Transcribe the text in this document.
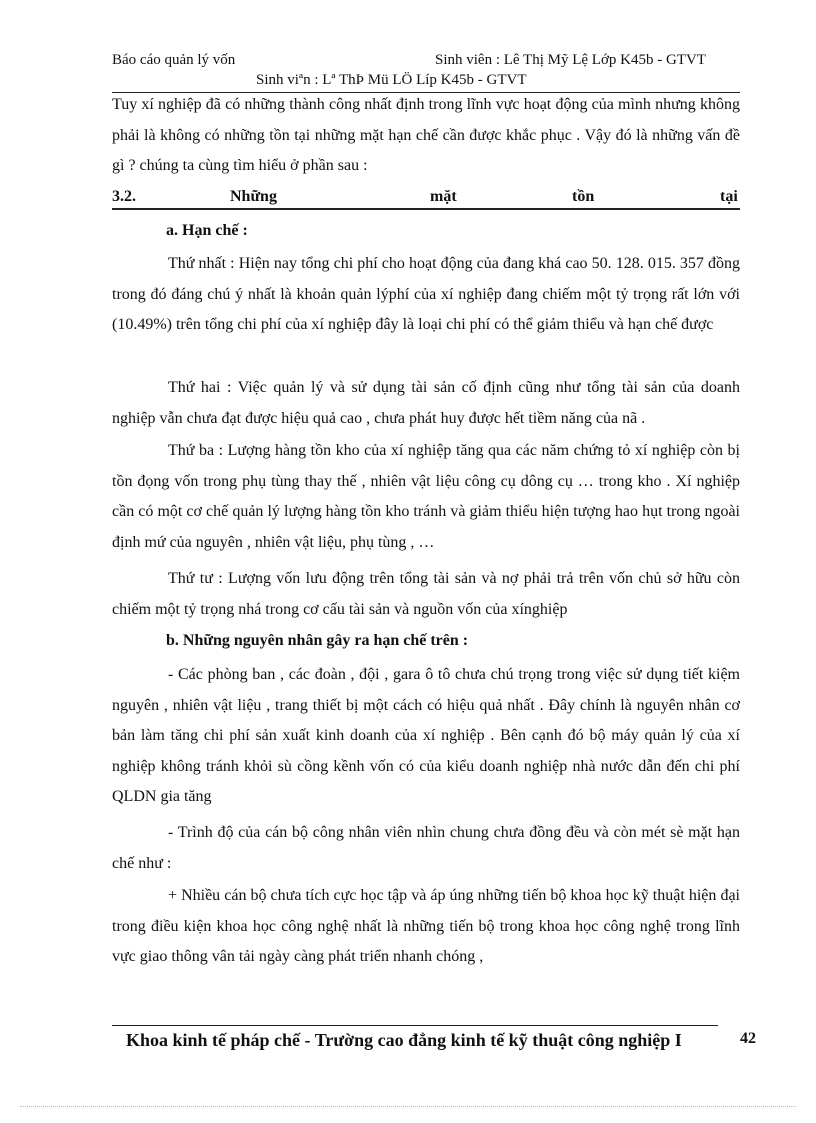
Báo cáo quản lý vốn	Sinh viên : Lê Thị Mỹ Lệ Lớp K45b - GTVT
Sinh viªn : Lª ThÞ Mü LÖ Líp K45b - GTVT
Tuy xí nghiệp đã có những thành công nhất định trong lĩnh vực hoạt động của mình nhưng không phải là không có những tồn tại những mặt hạn chế cần được khắc phục . Vậy đó là những vấn đề gì ? chúng ta cùng tìm hiểu ở phần sau :
3.2.	Những	mặt	tồn	tại
a. Hạn chế :
Thứ nhất : Hiện nay tổng chi phí cho hoạt động của đang khá cao 50. 128. 015. 357 đồng trong đó đáng chú ý nhất là khoản quản lýphí của xí nghiệp đang chiếm một tỷ trọng rất lớn với (10.49%) trên tổng chi phí của xí nghiệp đây là loại chi phí có thể giảm thiểu và hạn chế được
Thứ hai : Việc quản lý và sử dụng tài sản cố định cũng như tổng tài sản của doanh nghiệp vẫn chưa đạt được hiệu quả cao , chưa phát huy được hết tiềm năng của nã .
Thứ ba : Lượng hàng tồn kho của xí nghiệp tăng qua các năm chứng tỏ xí nghiệp còn bị tồn đọng vốn trong phụ tùng thay thế , nhiên vật liệu công cụ dông cụ … trong kho . Xí nghiệp cần có một cơ chế quản lý lượng hàng tồn kho tránh và giảm thiểu hiện tượng hao hụt trong ngoài định mứ của nguyên , nhiên vật liệu, phụ tùng , …
Thứ tư : Lượng vốn lưu động trên tổng tài sản và nợ phải trả trên vốn chủ sở hữu còn chiếm một tỷ trọng nhá trong cơ cấu tài sản và nguồn vốn của xínghiệp
b. Những nguyên nhân gây ra hạn chế trên :
- Các phòng ban , các đoàn , đội , gara ô tô chưa chú trọng trong việc sử dụng tiết kiệm nguyên , nhiên vật liệu , trang thiết bị một cách có hiệu quả nhất . Đây chính là nguyên nhân cơ bản làm tăng chi phí sản xuất kinh doanh của xí nghiệp . Bên cạnh đó bộ máy quản lý của xí nghiệp không tránh khỏi sù cồng kềnh vốn có của kiểu doanh nghiệp nhà nước dẫn đến chi phí QLDN gia tăng
- Trình độ của cán bộ công nhân viên nhìn chung chưa đồng đều và còn mét sè mặt hạn chế như :
+ Nhiều cán bộ chưa tích cực học tập và áp úng những tiến bộ khoa học kỹ thuật hiện đại trong điều kiện khoa học công nghệ nhất là những tiến bộ trong khoa học công nghệ trong lĩnh vực giao thông vân tải ngày càng phát triển nhanh chóng ,
Khoa kinh tế pháp chế - Trường cao đẳng kinh tế kỹ thuật công nghiệp I	42
